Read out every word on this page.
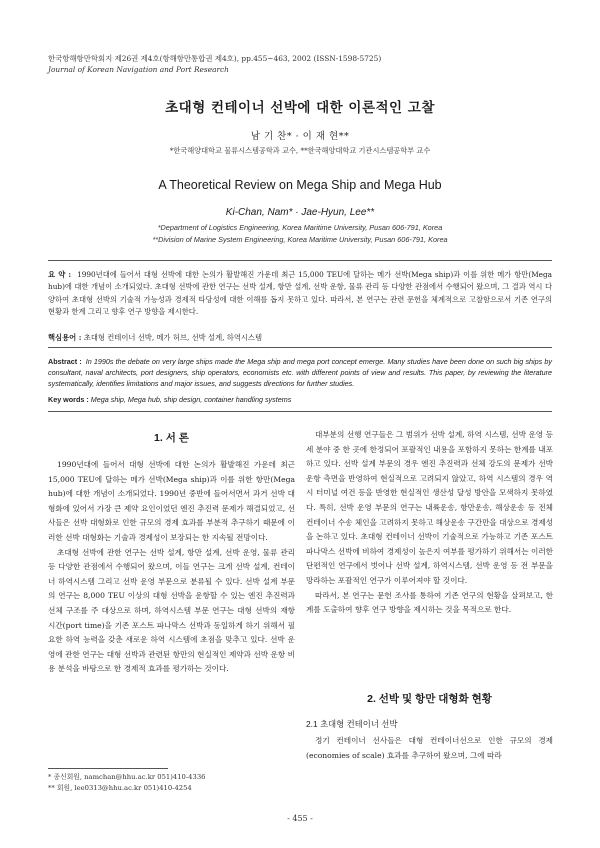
한국항해항만학회지 제26권 제4호(항해항만통합권 제4호), pp.455~463, 2002 (ISSN-1598-5725)
Journal of Korean Navigation and Port Research
초대형 컨테이너 선박에 대한 이론적인 고찰
남 기 찬* · 이 재 현**
*한국해양대학교 물류시스템공학과 교수, **한국해양대학교 기관시스템공학부 교수
A Theoretical Review on Mega Ship and Mega Hub
Ki-Chan, Nam* · Jae-Hyun, Lee**
*Department of Logistics Engineering, Korea Maritime University, Pusan 606-791, Korea
**Division of Marine System Engineering, Korea Maritime University, Pusan 606-791, Korea
요 약 : 1990년대에 들어서 대형 선박에 대한 논의가 활발해진 가운데 최근 15,000 TEU에 달하는 메가 선박(Mega ship)과 이를 위한 메가 항만(Mega hub)에 대한 개념이 소개되었다. 초대형 선박에 관한 연구는 선박 설계, 항만 설계, 선박 운항, 물류 관리 등 다양한 관점에서 수행되어 왔으며, 그 결과 역시 다양하여 초대형 선박의 기술적 가능성과 경제적 타당성에 대한 이해를 돕지 못하고 있다. 따라서, 본 연구는 관련 문헌을 체계적으로 고찰함으로서 기존 연구의 현황과 한계 그리고 향후 연구 방향을 제시한다.
핵심용어 : 초대형 컨테이너 선박, 메가 허브, 선박 설계, 하역시스템
Abstract : In 1990s the debate on very large ships made the Mega ship and mega port concept emerge. Many studies have been done on such big ships by consultant, naval architects, port designers, ship operators, economists etc. with different points of view and results. This paper, by reviewing the literature systematically, identifies limitations and major issues, and suggests directions for further studies.
Key words : Mega ship, Mega hub, ship design, container handling systems
1. 서 론

1990년대에 들어서 대형 선박에 대한 논의가 활발해진 가운데 최근 15,000 TEU에 달하는 메가 선박(Mega ship)과 이를 위한 항만(Mega hub)에 대한 개념이 소개되었다. 1990년 중반에 들어서면서 과거 선박 대형화에 있어서 가장 큰 제약 요인이었던 엔진 추진력 문제가 해결되었고, 선사들은 선박 대형화로 인한 규모의 경제 효과를 부분적 추구하기 때문에 이러한 선박 대형화는 기술과 경제성이 보장되는 한 지속될 전망이다.

초대형 선박에 관한 연구는 선박 설계, 항만 설계, 선박 운영, 물류 관리 등 다양한 관점에서 수행되어 왔으며, 이들 연구는 크게 선박 설계, 컨테이너 하역시스템 그리고 선박 운영 부문으로 분류될 수 있다. 선박 설계 부문의 연구는 8,000 TEU 이상의 대형 선박을 운항할 수 있는 엔진 추진력과 선체 구조를 주 대상으로 하며, 하역시스템 부문 연구는 대형 선박의 재항 시간(port time)을 기존 포스트 파나막스 선박과 동일하게 하기 위해서 필요한 하역 능력을 갖춘 새로운 하역 시스템에 초점을 맞추고 있다. 선박 운영에 관한 연구는 대형 선박과 관련된 항만의 현실적인 제약과 선박 운항 비용 분석을 바탕으로 한 경제적 효과를 평가하는 것이다.

대부분의 선행 연구들은 그 범위가 선박 설계, 하역 시스템, 선박 운영 등 세 분야 중 한 곳에 한정되어 포괄적인 내용을 포함하지 못하는 한계를 내포하고 있다. 선박 설계 부문의 경우 엔진 추진력과 선체 강도의 문제가 선박운항 측면을 반영하여 현실적으로 고려되지 않았고, 하역 시스템의 경우 역시 터미널 여건 등을 반영한 현실적인 생산성 달성 방안을 모색하지 못하였다. 특히, 선박 운영 부문의 연구는 내륙운송, 항만운송, 해상운송 등 전체 컨테이너 수송 체인을 고려하지 못하고 해상운송 구간만을 대상으로 경제성을 논하고 있다. 초대형 컨테이너 선박이 기술적으로 가능하고 기존 포스트 파나막스 선박에 비하여 경제성이 높은지 여부를 평가하기 위해서는 이러한 단편적인 연구에서 벗어나 선박 설계, 하역시스템, 선박 운영 등 전 부문을 망라하는 포괄적인 연구가 이루어져야 할 것이다.

따라서, 본 연구는 문헌 조사를 통하여 기존 연구의 현황을 살펴보고, 한계를 도출하여 향후 연구 방향을 제시하는 것을 목적으로 한다.

2. 선박 및 항만 대형화 현황
2.1 초대형 컨테이너 선박

정기 컨테이너 선사들은 대형 컨테이너선으로 인한 규모의 경제(economies of scale) 효과를 추구하여 왔으며, 그에 따라

* 종신회원, namchan@hhu.ac.kr 051)410-4336
** 회원, lee0313@hhu.ac.kr 051)410-4254
- 455 -
